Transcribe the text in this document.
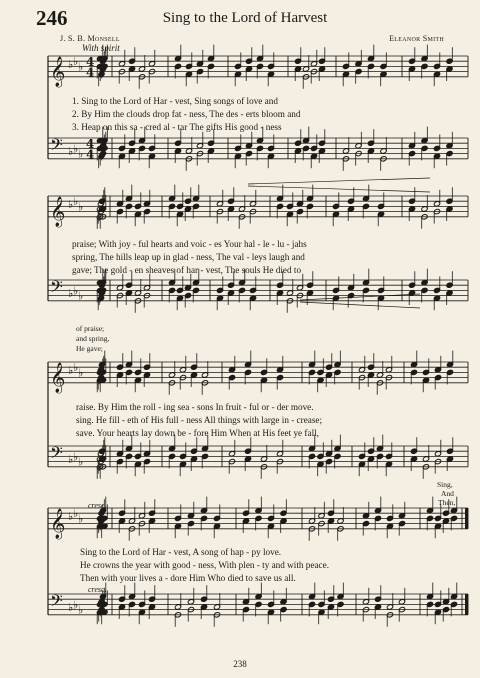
246	Sing to the Lord of Harvest
J. S. B. Monsell	Eleanor Smith
With spirit
𝄞 ♭ ♭ ♭ 4
4
𝄢 ♭ ♭ ♭
4
4
𝄞 ♭ ♭ ♭
𝄢 ♭ ♭ ♭
𝄞 ♭ ♭ ♭
𝄢 ♭ ♭ ♭
𝄞 ♭ ♭ ♭
𝄢 ♭ ♭ ♭
1. Sing to the Lord of Har - vest, Sing songs of love and
2. By Him the clouds drop fat - ness, The des - erts bloom and
3. Heap on this sa - cred al - tar The gifts His good - ness
praise; With joy - ful hearts and voic - es Your hal - le - lu - jahs
spring, The hills leap up in glad - ness, The val - leys laugh and
gave; The gold - en sheaves of har - vest, The souls He died to
of praise;
and spring,
He gave;
raise. By Him the roll - ing sea - sons In fruit - ful or - der move.
sing. He fill - eth of His full - ness All things with large in - crease;
save. Your hearts lay down be - fore Him When at His feet ye fall,
Sing,
And
Then,
cresc.
cresc.
Sing to the Lord of Har - vest, A song of hap - py love.
He crowns the year with good - ness, With plen - ty and with peace.
Then with your lives a - dore Him Who died to save us all.
238
